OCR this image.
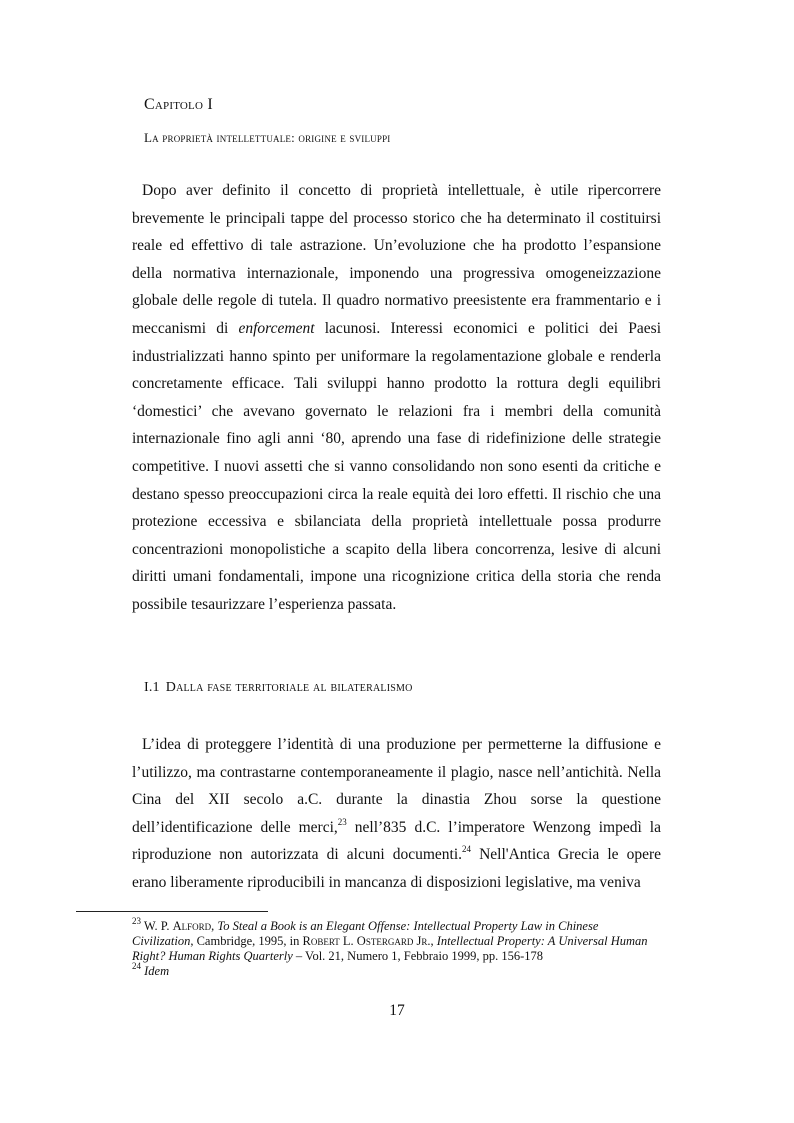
Capitolo I
La proprietà intellettuale: origine e sviluppi

Dopo aver definito il concetto di proprietà intellettuale, è utile ripercorrere brevemente le principali tappe del processo storico che ha determinato il costituirsi reale ed effettivo di tale astrazione. Un’evoluzione che ha prodotto l’espansione della normativa internazionale, imponendo una progressiva omogeneizzazione globale delle regole di tutela. Il quadro normativo preesistente era frammentario e i meccanismi di enforcement lacunosi. Interessi economici e politici dei Paesi industrializzati hanno spinto per uniformare la regolamentazione globale e renderla concretamente efficace. Tali sviluppi hanno prodotto la rottura degli equilibri ‘domestici’ che avevano governato le relazioni fra i membri della comunità internazionale fino agli anni ‘80, aprendo una fase di ridefinizione delle strategie competitive. I nuovi assetti che si vanno consolidando non sono esenti da critiche e destano spesso preoccupazioni circa la reale equità dei loro effetti. Il rischio che una protezione eccessiva e sbilanciata della proprietà intellettuale possa produrre concentrazioni monopolistiche a scapito della libera concorrenza, lesive di alcuni diritti umani fondamentali, impone una ricognizione critica della storia che renda possibile tesaurizzare l’esperienza passata.

I.1 Dalla fase territoriale al bilateralismo

L’idea di proteggere l’identità di una produzione per permetterne la diffusione e l’utilizzo, ma contrastarne contemporaneamente il plagio, nasce nell’antichità. Nella Cina del XII secolo a.C. durante la dinastia Zhou sorse la questione dell’identificazione delle merci,$^{23}$ nell’835 d.C. l’imperatore Wenzong impedì la riproduzione non autorizzata di alcuni documenti.$^{24}$ Nell'Antica Grecia le opere erano liberamente riproducibili in mancanza di disposizioni legislative, ma veniva

$^{23}$ W. P. Alford, To Steal a Book is an Elegant Offense: Intellectual Property Law in Chinese Civilization, Cambridge, 1995, in Robert L. Ostergard Jr., Intellectual Property: A Universal Human Right? Human Rights Quarterly – Vol. 21, Numero 1, Febbraio 1999, pp. 156-178

$^{24}$ Idem

17
